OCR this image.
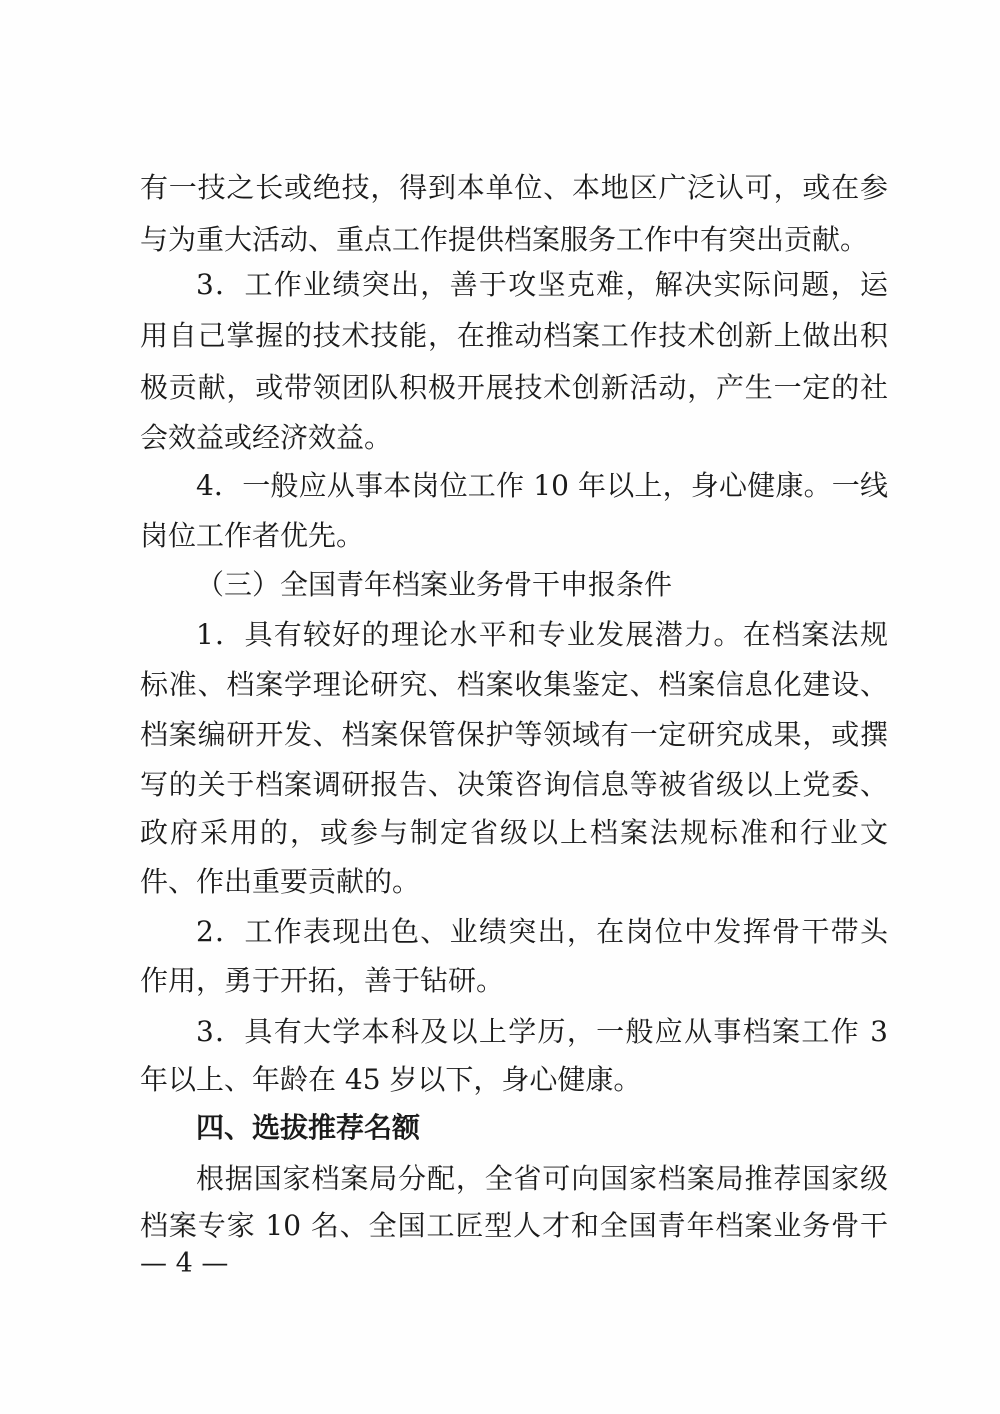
有一技之长或绝技，得到本单位、本地区广泛认可，或在参
与为重大活动、重点工作提供档案服务工作中有突出贡献。
3．工作业绩突出，善于攻坚克难，解决实际问题，运
用自己掌握的技术技能，在推动档案工作技术创新上做出积
极贡献，或带领团队积极开展技术创新活动，产生一定的社
会效益或经济效益。
4．一般应从事本岗位工作 10 年以上，身心健康。一线
岗位工作者优先。
（三）全国青年档案业务骨干申报条件
1．具有较好的理论水平和专业发展潜力。在档案法规
标准、档案学理论研究、档案收集鉴定、档案信息化建设、
档案编研开发、档案保管保护等领域有一定研究成果，或撰
写的关于档案调研报告、决策咨询信息等被省级以上党委、
政府采用的，或参与制定省级以上档案法规标准和行业文
件、作出重要贡献的。
2．工作表现出色、业绩突出，在岗位中发挥骨干带头
作用，勇于开拓，善于钻研。
3．具有大学本科及以上学历，一般应从事档案工作 3
年以上、年龄在 45 岁以下，身心健康。
四、选拔推荐名额
根据国家档案局分配，全省可向国家档案局推荐国家级
档案专家 10 名、全国工匠型人才和全国青年档案业务骨干
— 4 —
